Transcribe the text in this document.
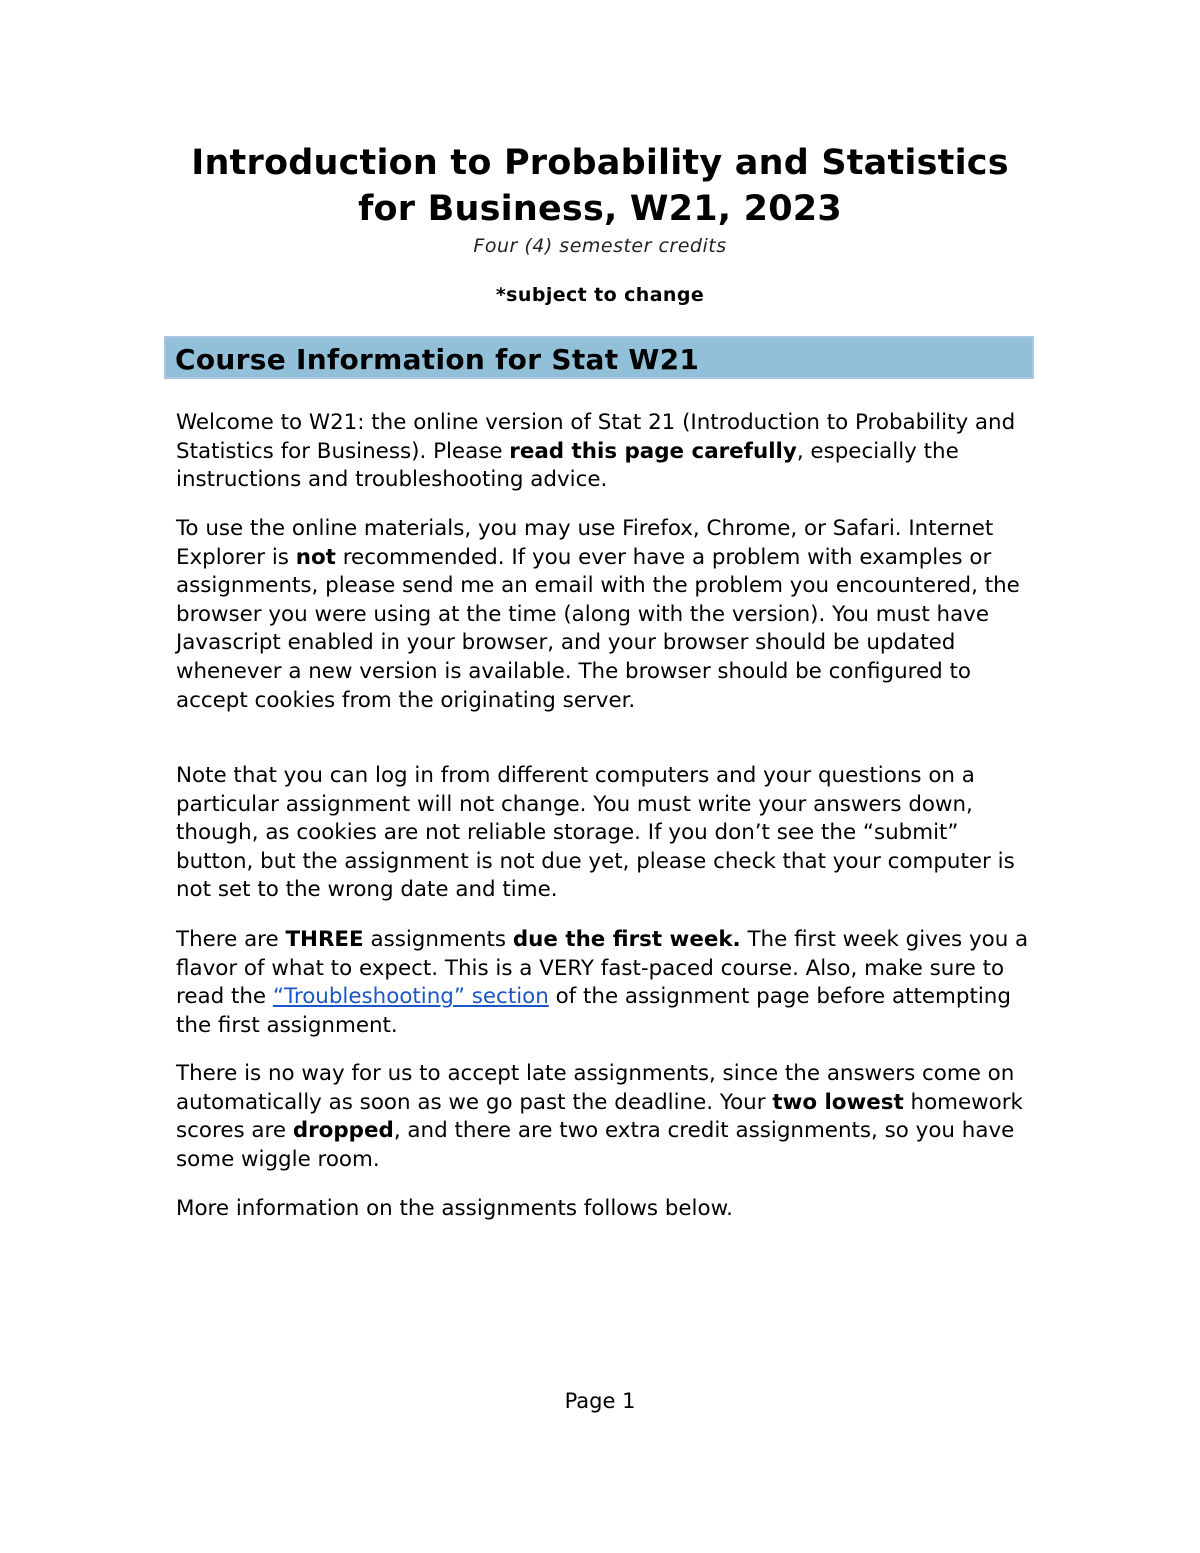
Introduction to Probability and Statistics
for Business, W21, 2023
Four (4) semester credits
*subject to change
Course Information for Stat W21
Welcome to W21: the online version of Stat 21 (Introduction to Probability and Statistics for Business). Please read this page carefully, especially the instructions and troubleshooting advice.
To use the online materials, you may use Firefox, Chrome, or Safari. Internet Explorer is not recommended. If you ever have a problem with examples or assignments, please send me an email with the problem you encountered, the browser you were using at the time (along with the version). You must have Javascript enabled in your browser, and your browser should be updated whenever a new version is available. The browser should be configured to accept cookies from the originating server.
Note that you can log in from different computers and your questions on a particular assignment will not change. You must write your answers down, though, as cookies are not reliable storage. If you don’t see the “submit” button, but the assignment is not due yet, please check that your computer is not set to the wrong date and time.
There are THREE assignments due the first week. The first week gives you a flavor of what to expect. This is a VERY fast-paced course. Also, make sure to read the “Troubleshooting” section of the assignment page before attempting the first assignment.
There is no way for us to accept late assignments, since the answers come on automatically as soon as we go past the deadline. Your two lowest homework scores are dropped, and there are two extra credit assignments, so you have some wiggle room.
More information on the assignments follows below.
Page 1
